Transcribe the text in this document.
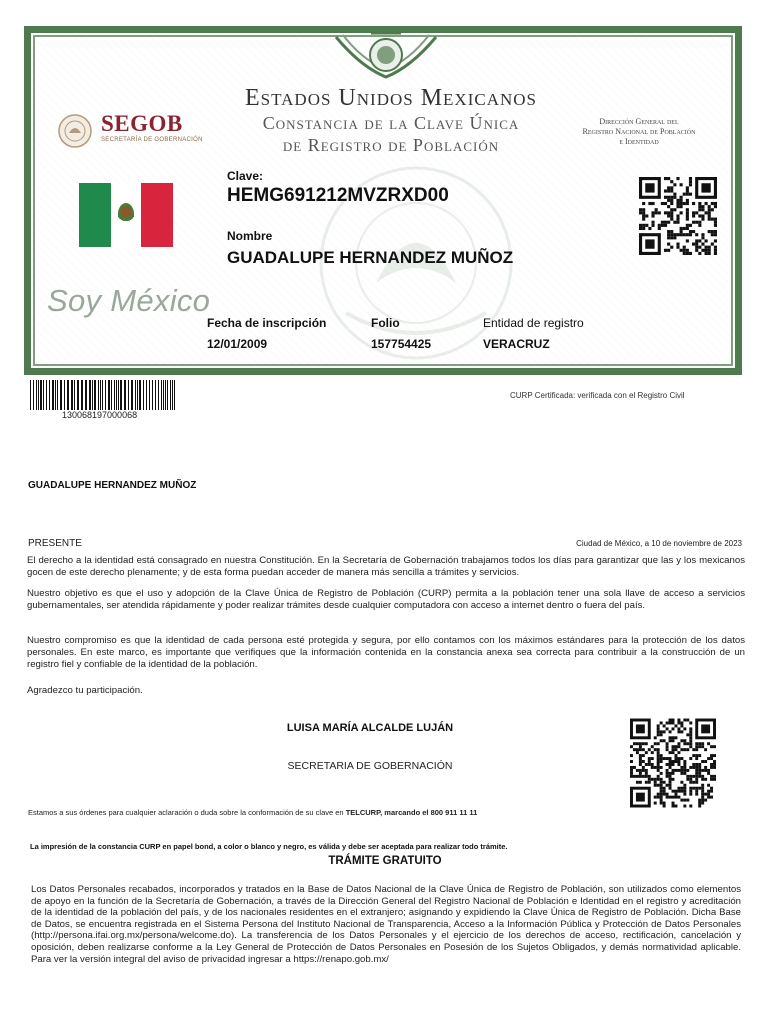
SEGOB
SECRETARÍA DE GOBERNACIÓN
Estados Unidos Mexicanos
Constancia de la Clave Única
de Registro de Población
Dirección General del
Registro Nacional de Población
e Identidad
Soy México
Clave:
HEMG691212MVZRXD00
Nombre
GUADALUPE HERNANDEZ MUÑOZ
Fecha de inscripción
12/01/2009
Folio
157754425
Entidad de registro
VERACRUZ
130068197000068
CURP Certificada: verificada con el Registro Civil
GUADALUPE HERNANDEZ MUÑOZ
PRESENTE	Ciudad de México, a 10 de noviembre de 2023
El derecho a la identidad está consagrado en nuestra Constitución. En la Secretaría de Gobernación trabajamos todos los días para garantizar que las y los mexicanos gocen de este derecho plenamente; y de esta forma puedan acceder de manera más sencilla a trámites y servicios.
Nuestro objetivo es que el uso y adopción de la Clave Única de Registro de Población (CURP) permita a la población tener una sola llave de acceso a servicios gubernamentales, ser atendida rápidamente y poder realizar trámites desde cualquier computadora con acceso a internet dentro o fuera del país.
Nuestro compromiso es que la identidad de cada persona esté protegida y segura, por ello contamos con los máximos estándares para la protección de los datos personales. En este marco, es importante que verifiques que la información contenida en la constancia anexa sea correcta para contribuir a la construcción de un registro fiel y confiable de la identidad de la población.
Agradezco tu participación.
LUISA MARÍA ALCALDE LUJÁN
SECRETARIA DE GOBERNACIÓN
Estamos a sus órdenes para cualquier aclaración o duda sobre la conformación de su clave en TELCURP, marcando el 800 911 11 11
La impresión de la constancia CURP en papel bond, a color o blanco y negro, es válida y debe ser aceptada para realizar todo trámite.
TRÁMITE GRATUITO
Los Datos Personales recabados, incorporados y tratados en la Base de Datos Nacional de la Clave Única de Registro de Población, son utilizados como elementos de apoyo en la función de la Secretaría de Gobernación, a través de la Dirección General del Registro Nacional de Población e Identidad en el registro y acreditación de la identidad de la población del país, y de los nacionales residentes en el extranjero; asignando y expidiendo la Clave Única de Registro de Población. Dicha Base de Datos, se encuentra registrada en el Sistema Persona del Instituto Nacional de Transparencia, Acceso a la Información Pública y Protección de Datos Personales (http://persona.ifai.org.mx/persona/welcome.do). La transferencia de los Datos Personales y el ejercicio de los derechos de acceso, rectificación, cancelación y oposición, deben realizarse conforme a la Ley General de Protección de Datos Personales en Posesión de los Sujetos Obligados, y demás normatividad aplicable. Para ver la versión integral del aviso de privacidad ingresar a https://renapo.gob.mx/
